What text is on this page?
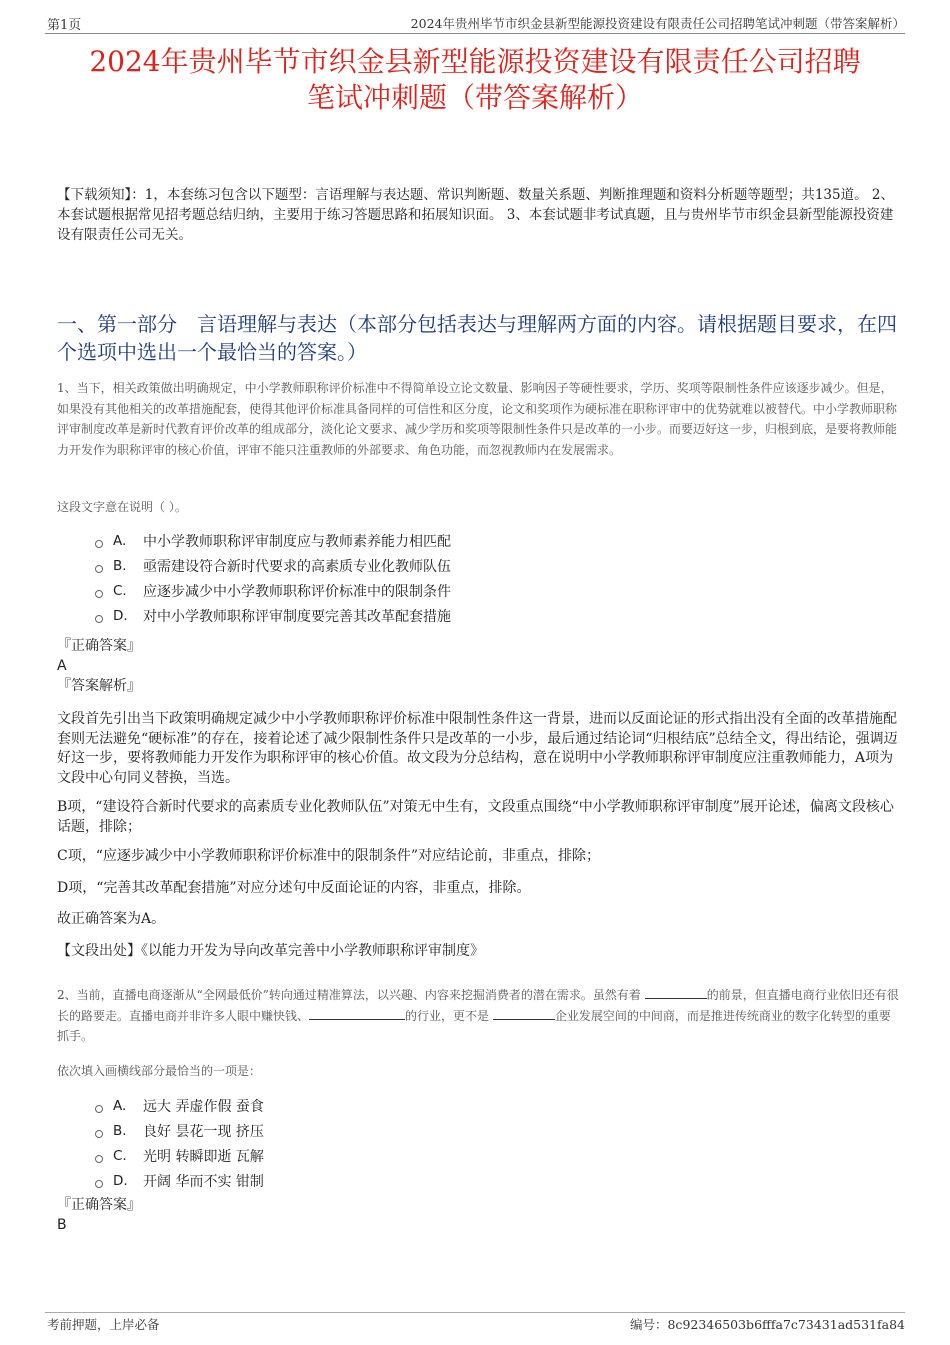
第1页	2024年贵州毕节市织金县新型能源投资建设有限责任公司招聘笔试冲刺题（带答案解析）
2024年贵州毕节市织金县新型能源投资建设有限责任公司招聘
笔试冲刺题（带答案解析）
【下载须知】：1，本套练习包含以下题型：言语理解与表达题、常识判断题、数量关系题、判断推理题和资料分析题等题型；共135道。 2、本套试题根据常见招考题总结归纳，主要用于练习答题思路和拓展知识面。 3、本套试题非考试真题，且与贵州毕节市织金县新型能源投资建设有限责任公司无关。
一、第一部分　言语理解与表达（本部分包括表达与理解两方面的内容。请根据题目要求，在四个选项中选出一个最恰当的答案。）
1、当下，相关政策做出明确规定，中小学教师职称评价标准中不得简单设立论文数量、影响因子等硬性要求，学历、奖项等限制性条件应该逐步减少。但是，如果没有其他相关的改革措施配套，使得其他评价标准具备同样的可信性和区分度，论文和奖项作为硬标准在职称评审中的优势就难以被替代。中小学教师职称评审制度改革是新时代教育评价改革的组成部分，淡化论文要求、减少学历和奖项等限制性条件只是改革的一小步。而要迈好这一步，归根到底，是要将教师能力开发作为职称评审的核心价值，评审不能只注重教师的外部要求、角色功能，而忽视教师内在发展需求。
这段文字意在说明（ ）。
A.	中小学教师职称评审制度应与教师素养能力相匹配
B.	亟需建设符合新时代要求的高素质专业化教师队伍
C.	应逐步减少中小学教师职称评价标准中的限制条件
D.	对中小学教师职称评审制度要完善其改革配套措施
『正确答案』
A
『答案解析』
文段首先引出当下政策明确规定减少中小学教师职称评价标准中限制性条件这一背景，进而以反面论证的形式指出没有全面的改革措施配套则无法避免“硬标准”的存在，接着论述了减少限制性条件只是改革的一小步，最后通过结论词“归根结底”总结全文，得出结论，强调迈好这一步，要将教师能力开发作为职称评审的核心价值。故文段为分总结构，意在说明中小学教师职称评审制度应注重教师能力，A项为文段中心句同义替换，当选。
B项，“建设符合新时代要求的高素质专业化教师队伍”对策无中生有，文段重点围绕“中小学教师职称评审制度”展开论述，偏离文段核心话题，排除；
C项，“应逐步减少中小学教师职称评价标准中的限制条件”对应结论前，非重点，排除；
D项，“完善其改革配套措施”对应分述句中反面论证的内容，非重点，排除。
故正确答案为A。
【文段出处】《以能力开发为导向改革完善中小学教师职称评审制度》
2、当前，直播电商逐渐从“全网最低价”转向通过精准算法，以兴趣、内容来挖掘消费者的潜在需求。虽然有着	的前景，但直播电商行业依旧还有很长的路要走。直播电商并非许多人眼中赚快钱、	的行业，更不是	企业发展空间的中间商，而是推进传统商业的数字化转型的重要抓手。
依次填入画横线部分最恰当的一项是：
A.	远大 弄虚作假 蚕食
B.	良好 昙花一现 挤压
C.	光明 转瞬即逝 瓦解
D.	开阔 华而不实 钳制
『正确答案』
B
考前押题，上岸必备	编号：8c92346503b6fffa7c73431ad531fa84
